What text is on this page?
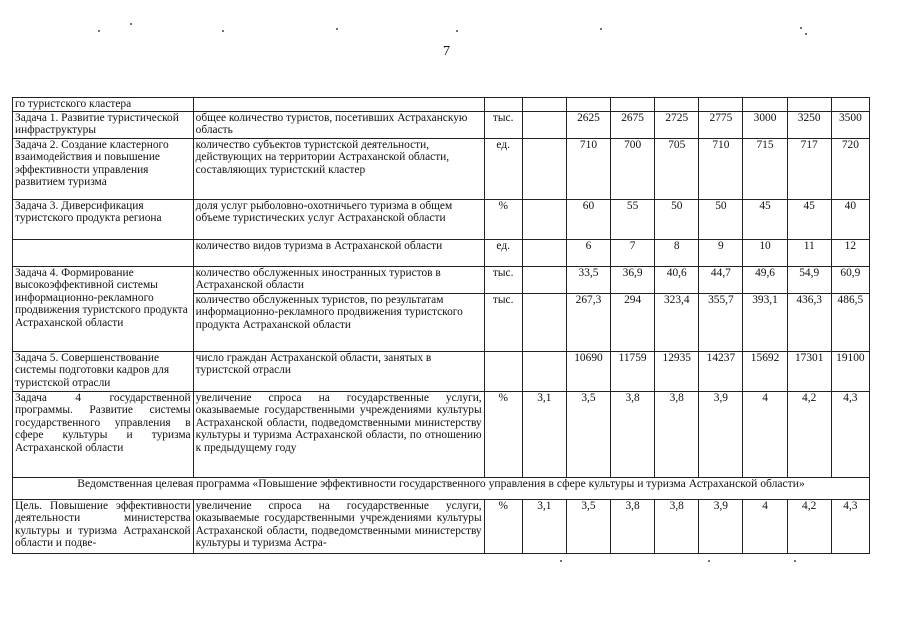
7
го туристского кластера										
Задача 1. Развитие туристической инфраструктуры	общее количество туристов, посетивших Астраханскую область	тыс.		2625	2675	2725	2775	3000	3250	3500
Задача 2. Создание кластерного взаимодействия и повышение эффективности управления развитием туризма	количество субъектов туристской деятельности, действующих на территории Астраханской области, составляющих туристский кластер	ед.		710	700	705	710	715	717	720
Задача 3. Диверсификация туристского продукта региона	доля услуг рыболовно-охотничьего туризма в общем объеме туристических услуг Астраханской области	%		60	55	50	50	45	45	40
	количество видов туризма в Астраханской области	ед.		6	7	8	9	10	11	12
Задача 4. Формирование высокоэффективной системы информационно-рекламного продвижения туристского продукта Астраханской области	количество обслуженных иностранных туристов в Астраханской области	тыс.		33,5	36,9	40,6	44,7	49,6	54,9	60,9
	количество обслуженных туристов, по результатам информационно-рекламного продвижения туристского продукта Астраханской области	тыс.		267,3	294	323,4	355,7	393,1	436,3	486,5
Задача 5. Совершенствование системы подготовки кадров для туристской отрасли	число граждан Астраханской области, занятых в туристской отрасли			10690	11759	12935	14237	15692	17301	19100
Задача 4 государственной программы. Развитие системы государственного управления в сфере культуры и туризма Астраханской области	увеличение спроса на государственные услуги, оказываемые государственными учреждениями культуры Астраханской области, подведомственными министерству культуры и туризма Астраханской области, по отношению к предыдущему году	%	3,1	3,5	3,8	3,8	3,9	4	4,2	4,3
Ведомственная целевая программа «Повышение эффективности государственного управления в сфере культуры и туризма Астраханской области»										
Цель. Повышение эффективности деятельности министерства культуры и туризма Астраханской области и подве-	увеличение спроса на государственные услуги, оказываемые государственными учреждениями культуры Астраханской области, подведомственными министерству культуры и туризма Астра-	%	3,1	3,5	3,8	3,8	3,9	4	4,2	4,3
